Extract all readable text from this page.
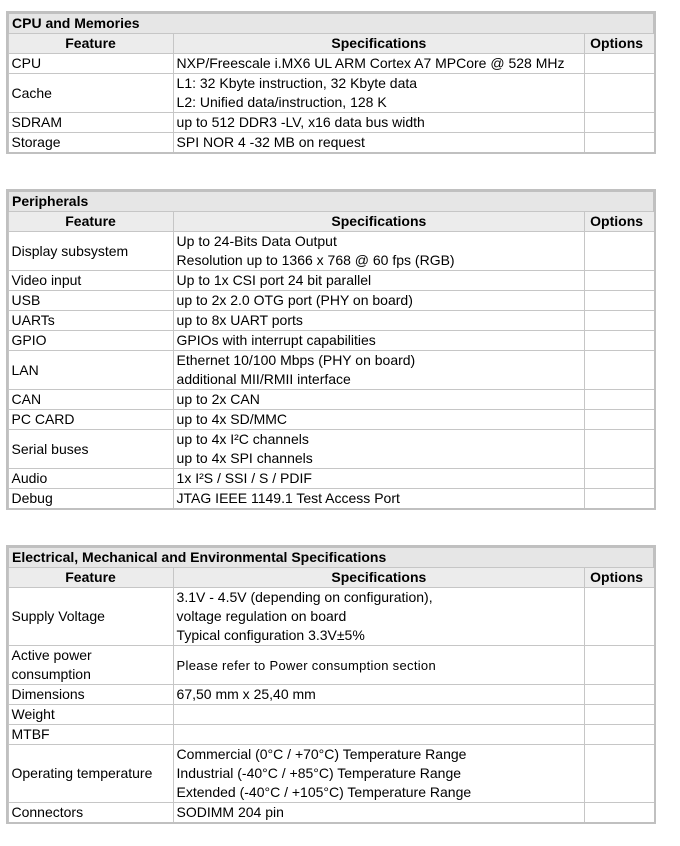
CPU and Memories		
Feature	Specifications	Options
CPU	NXP/Freescale i.MX6 UL ARM Cortex A7 MPCore @ 528 MHz	

Cache	L1: 32 Kbyte instruction, 32 Kbyte data
L2: Unified data/instruction, 128 K	

SDRAM	up to 512 DDR3 -LV, x16 data bus width	

Storage	SPI NOR 4 -32 MB on request	

Peripherals		
Feature	Specifications	Options
Display subsystem	Up to 24-Bits Data Output
Resolution up to 1366 x 768 @ 60 fps (RGB)	

Video input	Up to 1x CSI port 24 bit parallel	

USB	up to 2x 2.0 OTG port (PHY on board)	

UARTs	up to 8x UART ports	

GPIO	GPIOs with interrupt capabilities	

LAN	Ethernet 10/100 Mbps (PHY on board)
additional MII/RMII interface	

CAN	up to 2x CAN	

PC CARD	up to 4x SD/MMC	

Serial buses	up to 4x I²C channels
up to 4x SPI channels	

Audio	1x I²S / SSI / S / PDIF	

Debug	JTAG IEEE 1149.1 Test Access Port	

Electrical, Mechanical and Environmental Specifications		
Feature	Specifications	Options
Supply Voltage	3.1V - 4.5V (depending on configuration),
voltage regulation on board
Typical configuration 3.3V±5%	

Active power consumption	Please refer to Power consumption section	

Dimensions	67,50 mm x 25,40 mm	

Weight	

MTBF	

Operating temperature	Commercial (0°C / +70°C) Temperature Range
Industrial (-40°C / +85°C) Temperature Range
Extended (-40°C / +105°C) Temperature Range	

Connectors	SODIMM 204 pin	
